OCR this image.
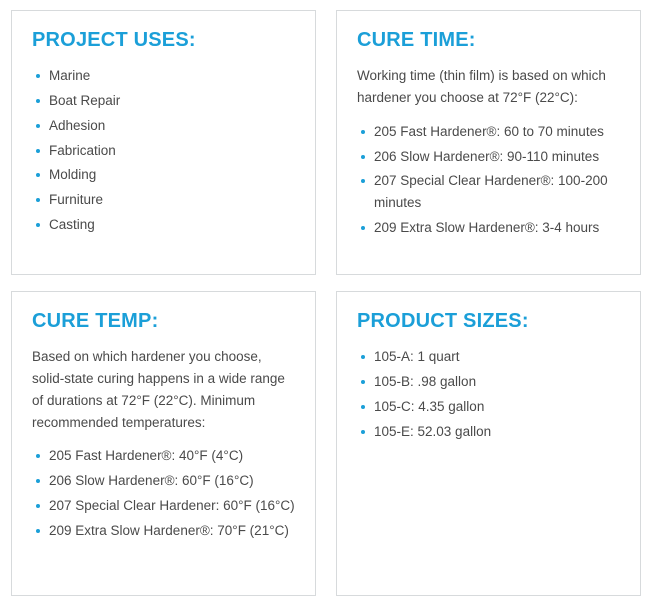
PROJECT USES:
Marine
Boat Repair
Adhesion
Fabrication
Molding
Furniture
Casting
CURE TIME:

Working time (thin film) is based on which hardener you choose at 72°F (22°C):

205 Fast Hardener®: 60 to 70 minutes
206 Slow Hardener®: 90-110 minutes
207 Special Clear Hardener®: 100-200 minutes
209 Extra Slow Hardener®: 3-4 hours
CURE TEMP:

Based on which hardener you choose, solid-state curing happens in a wide range of durations at 72°F (22°C). Minimum recommended temperatures:

205 Fast Hardener®: 40°F (4°C)
206 Slow Hardener®: 60°F (16°C)
207 Special Clear Hardener: 60°F (16°C)
209 Extra Slow Hardener®: 70°F (21°C)
PRODUCT SIZES:
105-A: 1 quart
105-B: .98 gallon
105-C: 4.35 gallon
105-E: 52.03 gallon
